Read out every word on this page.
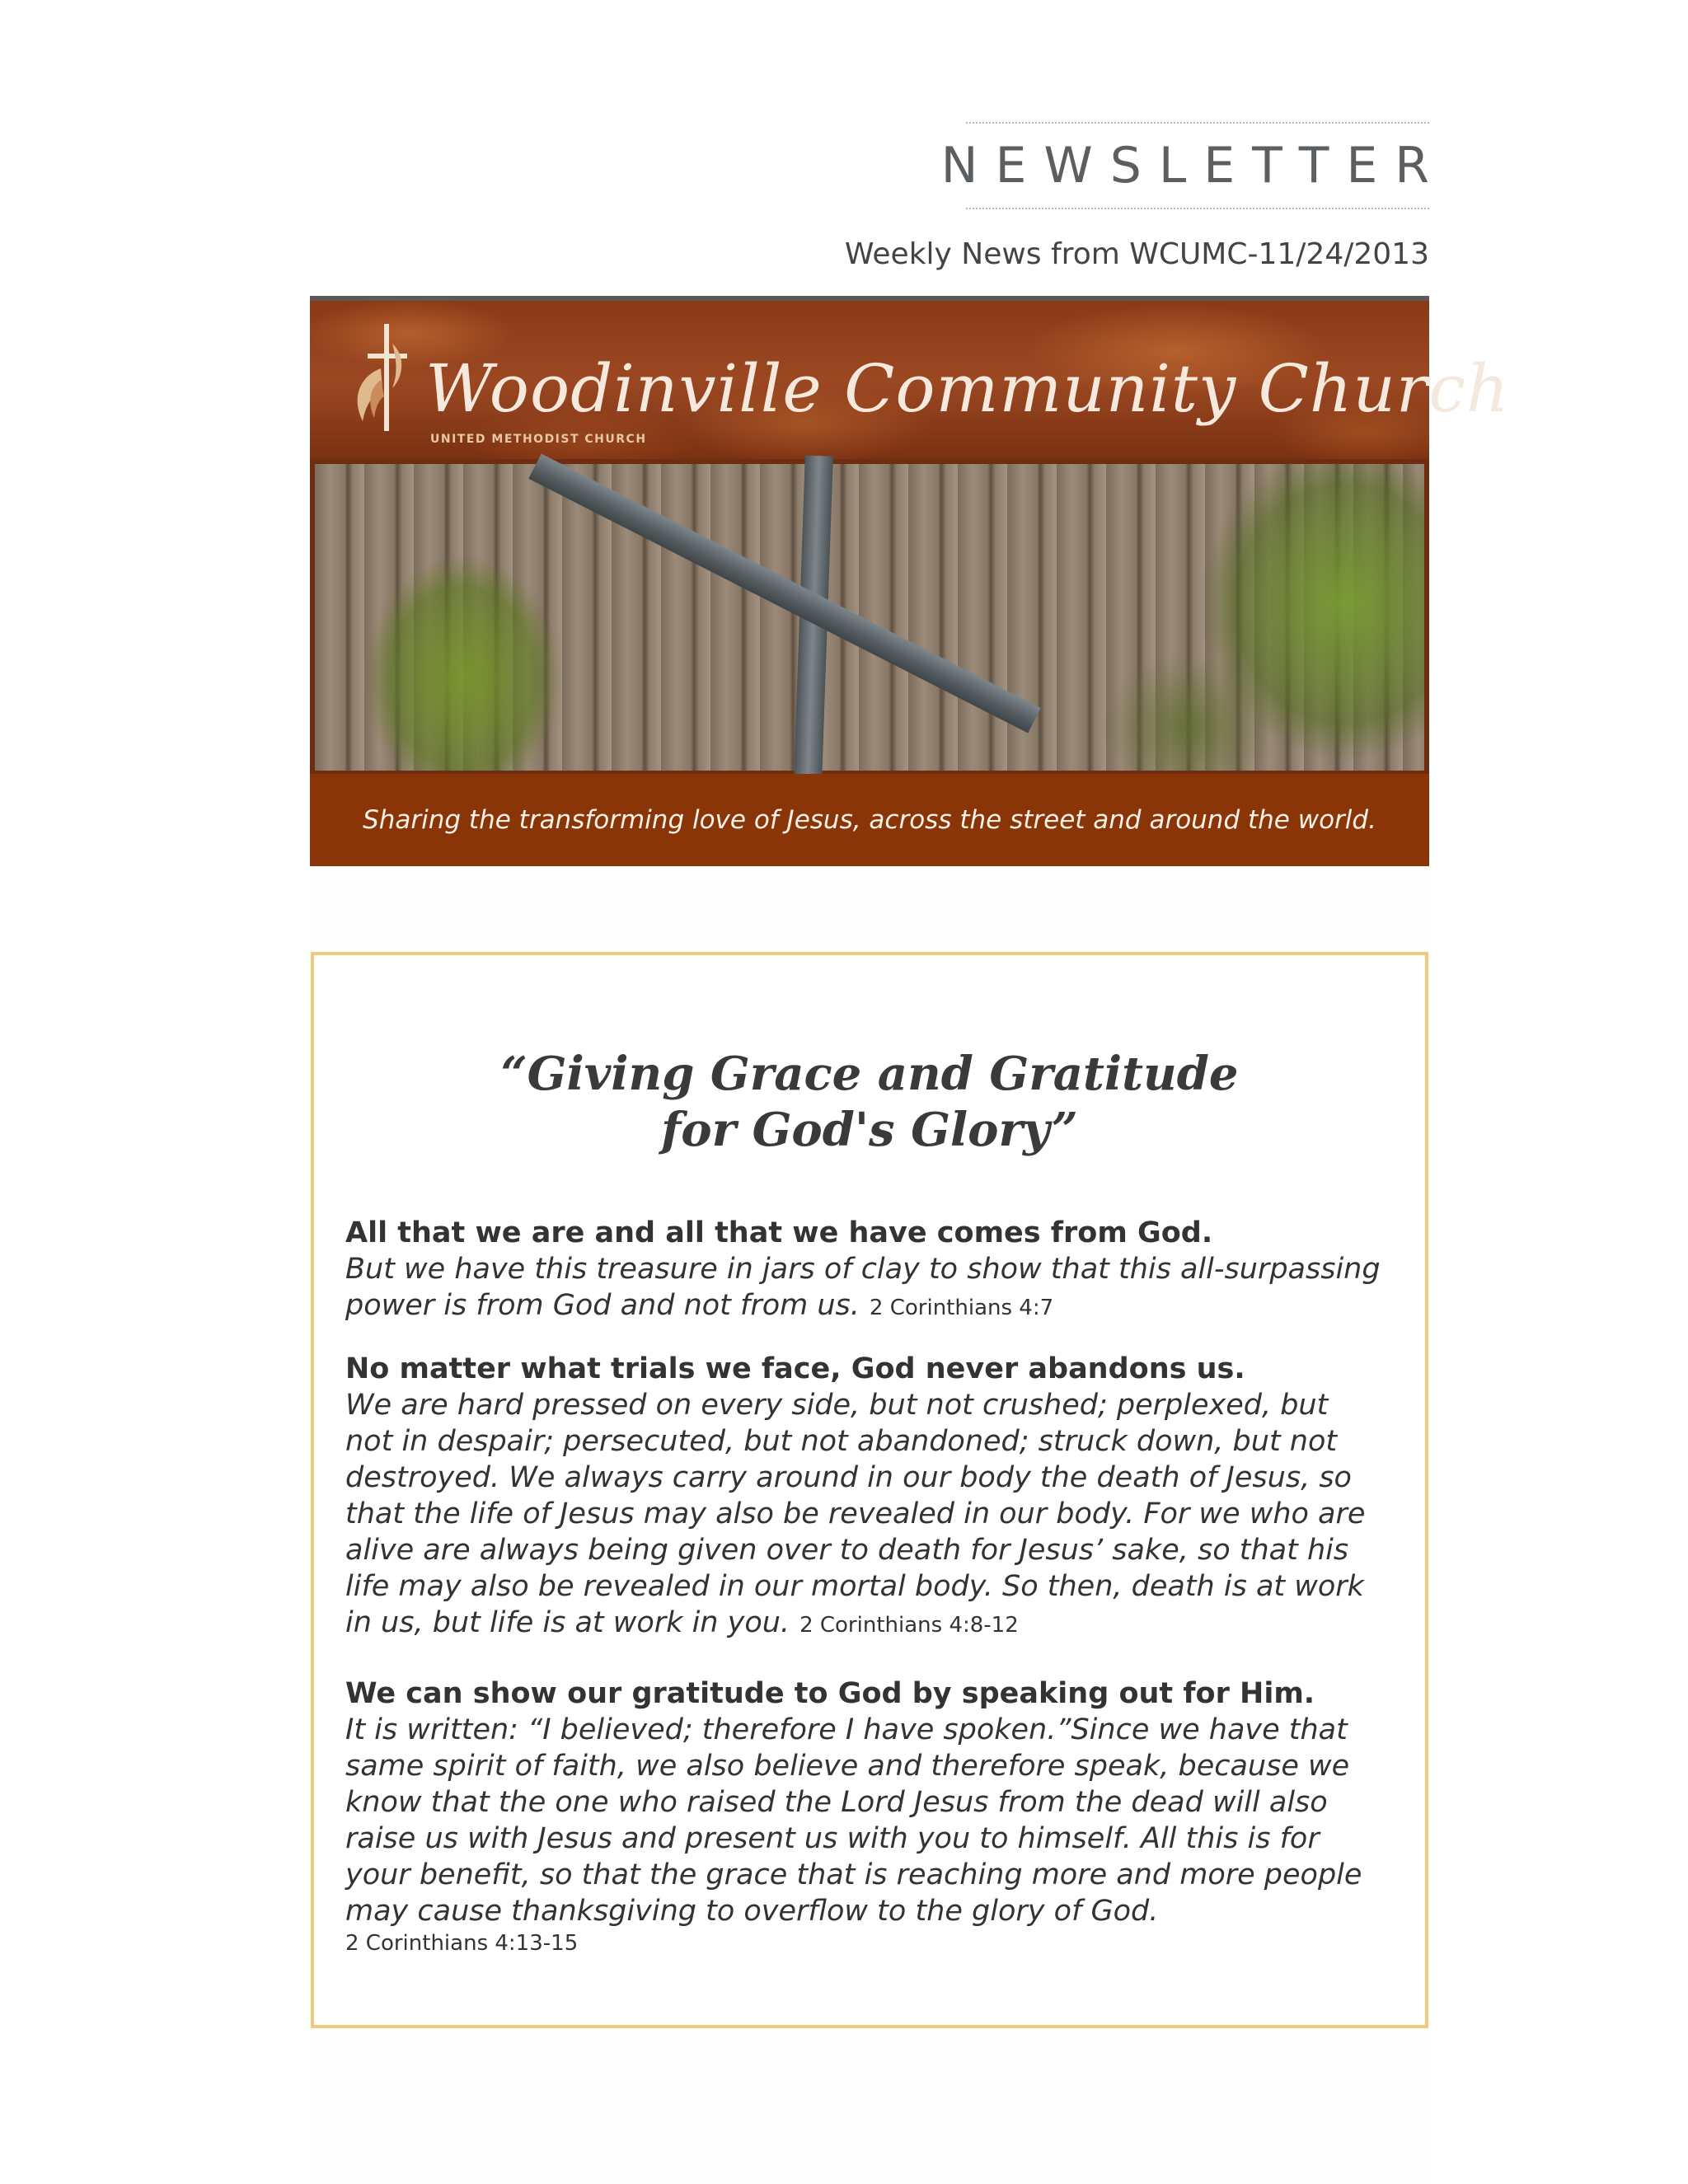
NEWSLETTER
Weekly News from WCUMC-11/24/2013
Woodinville Community Church
UNITED METHODIST CHURCH
Sharing the transforming love of Jesus, across the street and around the world.
“Giving Grace and Gratitude
for God's Glory”
All that we are and all that we have comes from God.
But we have this treasure in jars of clay to show that this all-surpassing power is from God and not from us. 2 Corinthians 4:7
No matter what trials we face, God never abandons us.
We are hard pressed on every side, but not crushed; perplexed, but not in despair; persecuted, but not abandoned; struck down, but not destroyed. We always carry around in our body the death of Jesus, so that the life of Jesus may also be revealed in our body. For we who are alive are always being given over to death for Jesus’ sake, so that his life may also be revealed in our mortal body. So then, death is at work in us, but life is at work in you. 2 Corinthians 4:8-12
We can show our gratitude to God by speaking out for Him.
It is written: “I believed; therefore I have spoken.”Since we have that same spirit of faith, we also believe and therefore speak, because we know that the one who raised the Lord Jesus from the dead will also raise us with Jesus and present us with you to himself. All this is for your benefit, so that the grace that is reaching more and more people may cause thanksgiving to overflow to the glory of God.
2 Corinthians 4:13-15
